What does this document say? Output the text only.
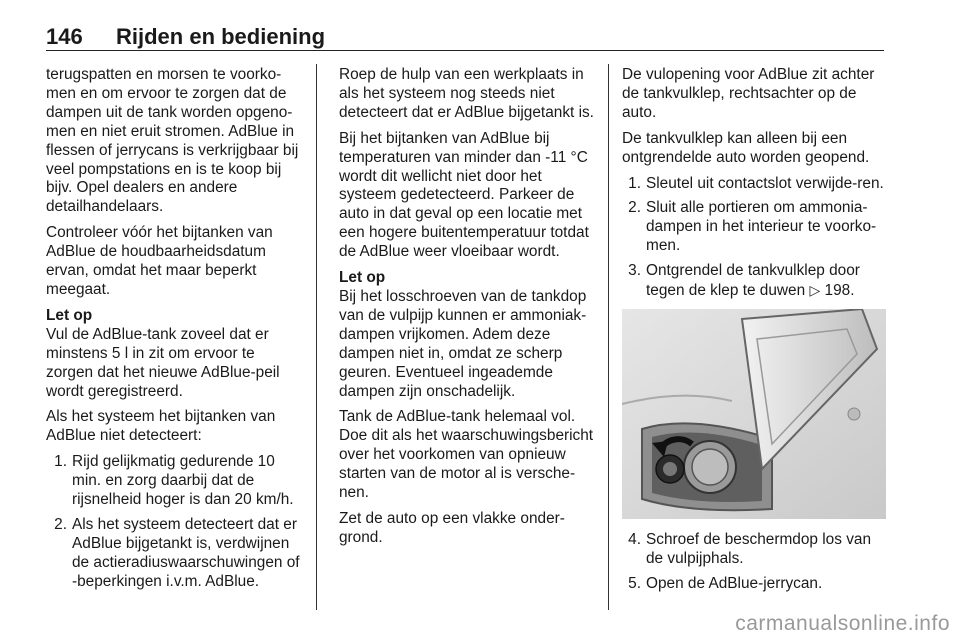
146 Rijden en bediening

terugspatten en morsen te voorko-men en om ervoor te zorgen dat de dampen uit de tank worden opgeno-men en niet eruit stromen. AdBlue in flessen of jerrycans is verkrijgbaar bij veel pompstations en is te koop bij bijv. Opel dealers en andere detailhandelaars.

Controleer vóór het bijtanken van AdBlue de houdbaarheidsdatum ervan, omdat het maar beperkt meegaat.

Let op

Vul de AdBlue-tank zoveel dat er minstens 5 l in zit om ervoor te zorgen dat het nieuwe AdBlue-peil wordt geregistreerd.

Als het systeem het bijtanken van AdBlue niet detecteert:

1. Rijd gelijkmatig gedurende 10 min. en zorg daarbij dat de rijsnelheid hoger is dan 20 km/h.
2. Als het systeem detecteert dat er AdBlue bijgetankt is, verdwijnen de actieradiuswaarschuwingen of -beperkingen i.v.m. AdBlue.

Roep de hulp van een werkplaats in als het systeem nog steeds niet detecteert dat er AdBlue bijgetankt is.

Bij het bijtanken van AdBlue bij temperaturen van minder dan -11 °C wordt dit wellicht niet door het systeem gedetecteerd. Parkeer de auto in dat geval op een locatie met een hogere buitentemperatuur totdat de AdBlue weer vloeibaar wordt.

Let op

Bij het losschroeven van de tankdop van de vulpijp kunnen er ammoniak-dampen vrijkomen. Adem deze dampen niet in, omdat ze scherp geuren. Eventueel ingeademde dampen zijn onschadelijk.

Tank de AdBlue-tank helemaal vol. Doe dit als het waarschuwingsbericht over het voorkomen van opnieuw starten van de motor al is versche-nen.

Zet de auto op een vlakke onder-grond.

De vulopening voor AdBlue zit achter de tankvulklep, rechtsachter op de auto.

De tankvulklep kan alleen bij een ontgrendelde auto worden geopend.

1. Sleutel uit contactslot verwijde-ren.
2. Sluit alle portieren om ammonia-dampen in het interieur te voorko-men.
3. Ontgrendel de tankvulklep door tegen de klep te duwen ▷ 198.
4. Schroef de beschermdop los van de vulpijphals.
5. Open de AdBlue-jerrycan.
carmanualsonline.info
